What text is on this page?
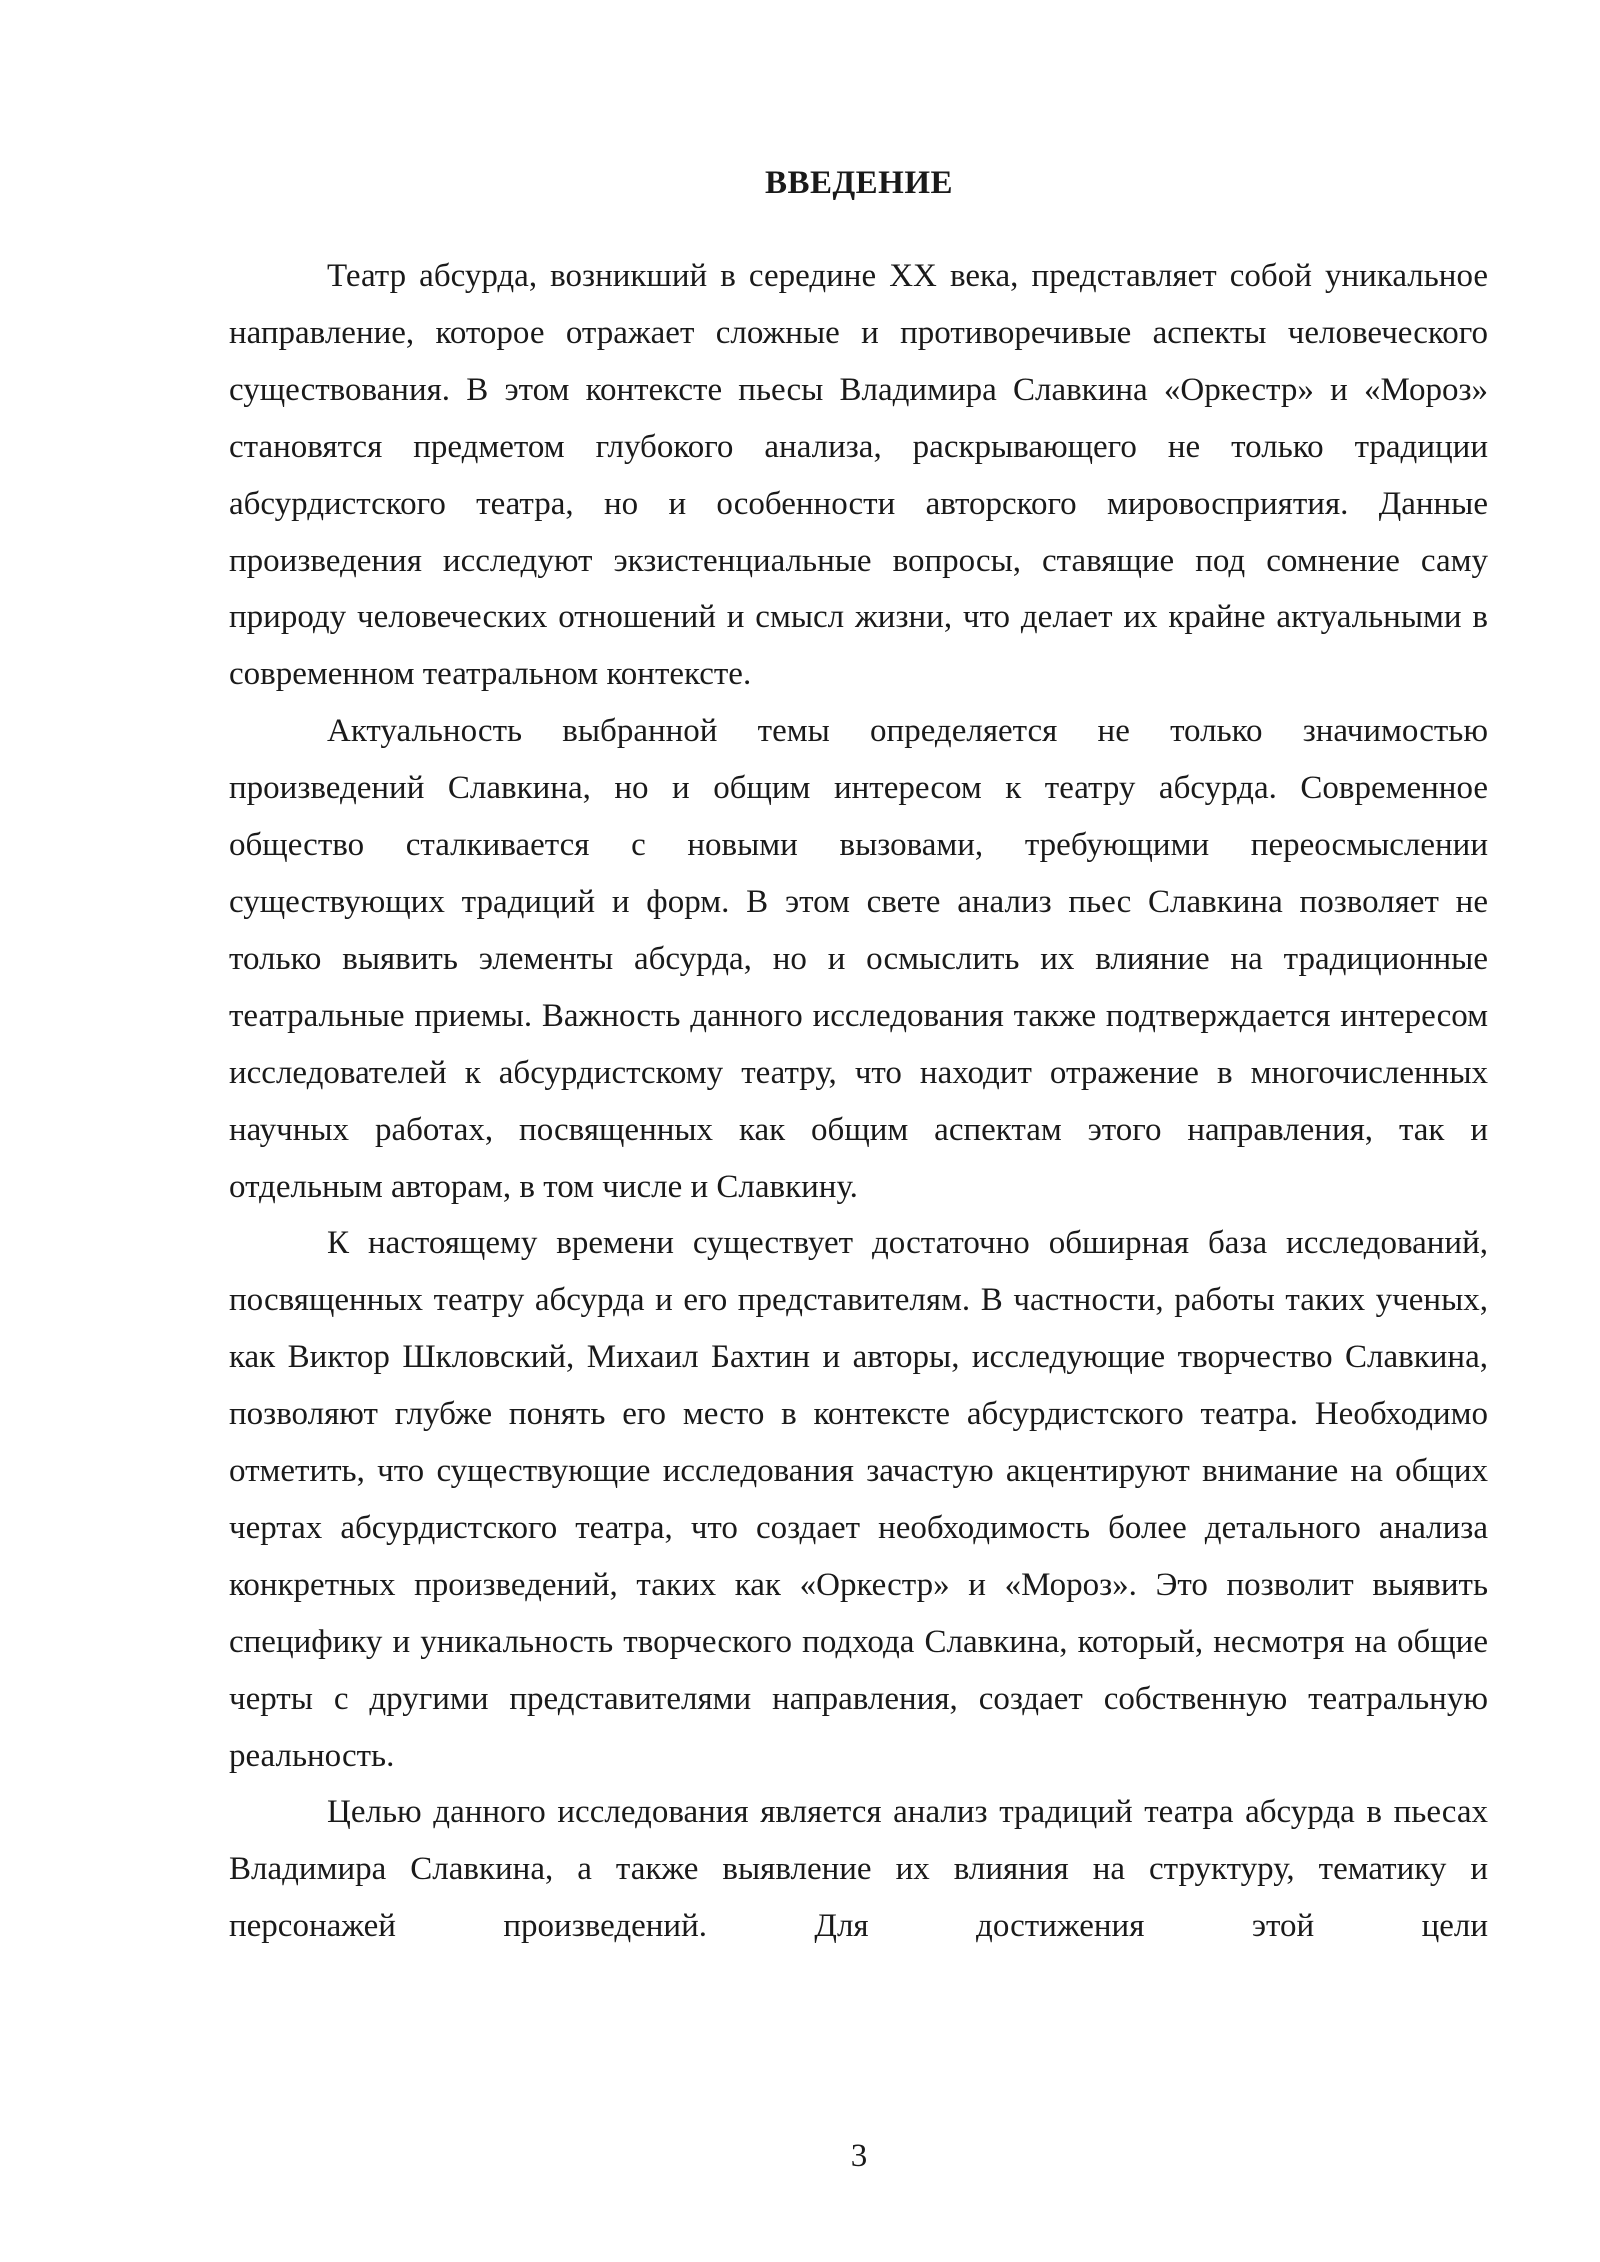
ВВЕДЕНИЕ

Театр абсурда, возникший в середине XX века, представляет собой уникальное направление, которое отражает сложные и противоречивые аспекты человеческого существования. В этом контексте пьесы Владимира Славкина «Оркестр» и «Мороз» становятся предметом глубокого анализа, раскрывающего не только традиции абсурдистского театра, но и особенности авторского мировосприятия. Данные произведения исследуют экзистенциальные вопросы, ставящие под сомнение саму природу человеческих отношений и смысл жизни, что делает их крайне актуальными в современном театральном контексте.

Актуальность выбранной темы определяется не только значимостью произведений Славкина, но и общим интересом к театру абсурда. Современное общество сталкивается с новыми вызовами, требующими переосмыслении существующих традиций и форм. В этом свете анализ пьес Славкина позволяет не только выявить элементы абсурда, но и осмыслить их влияние на традиционные театральные приемы. Важность данного исследования также подтверждается интересом исследователей к абсурдистскому театру, что находит отражение в многочисленных научных работах, посвященных как общим аспектам этого направления, так и отдельным авторам, в том числе и Славкину.

К настоящему времени существует достаточно обширная база исследований, посвященных театру абсурда и его представителям. В частности, работы таких ученых, как Виктор Шкловский, Михаил Бахтин и авторы, исследующие творчество Славкина, позволяют глубже понять его место в контексте абсурдистского театра. Необходимо отметить, что существующие исследования зачастую акцентируют внимание на общих чертах абсурдистского театра, что создает необходимость более детального анализа конкретных произведений, таких как «Оркестр» и «Мороз». Это позволит выявить специфику и уникальность творческого подхода Славкина, который, несмотря на общие черты с другими представителями направления, создает собственную театральную реальность.

Целью данного исследования является анализ традиций театра абсурда в пьесах Владимира Славкина, а также выявление их влияния на структуру, тематику и персонажей произведений. Для достижения этой цели

3
